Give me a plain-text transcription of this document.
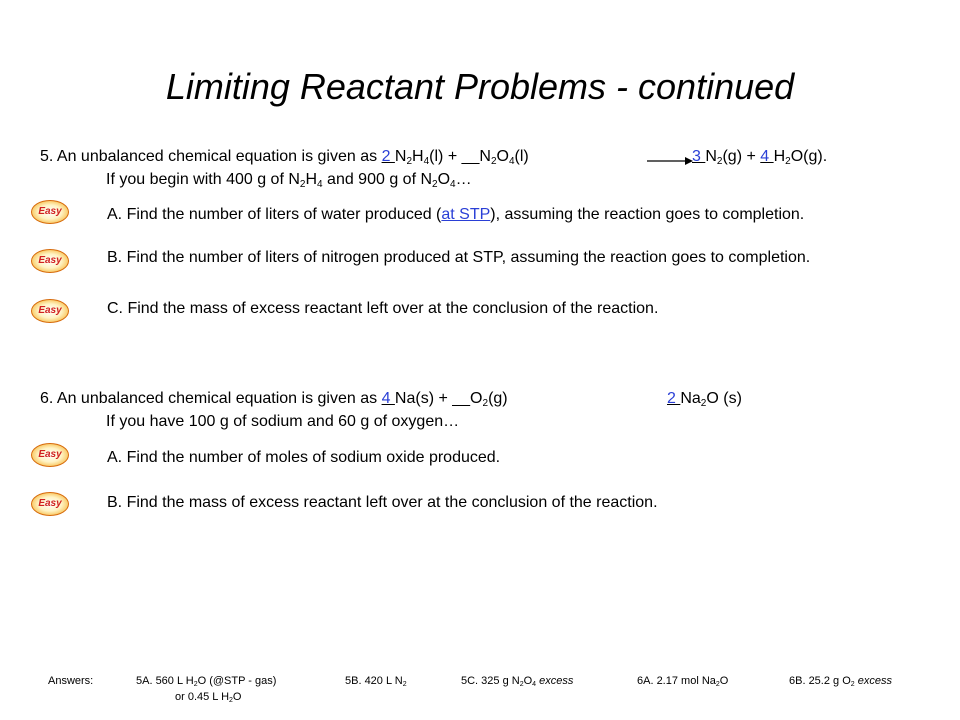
Limiting Reactant Problems - continued
5. An unbalanced chemical equation is given as 2 $N_2H_4(l)$ + $\_\_N_2O_4(l)$	→ 3 $N_2(g) + 4$ $H_2O(g)$.
If you begin with 400 g of $N_2H_4$ and 900 g of $N_2O_4\dots$
Easy	A. Find the number of liters of water produced (at STP), assuming the reaction goes to completion.
Easy	B. Find the number of liters of nitrogen produced at STP, assuming the reaction goes to completion.
Easy	C. Find the mass of excess reactant left over at the conclusion of the reaction.
6. An unbalanced chemical equation is given as 4 $Na(s) + \_\_O_2(g)$	2 $Na_2O$ (s)
If you have 100 g of sodium and 60 g of oxygen…
Easy	A. Find the number of moles of sodium oxide produced.
Easy	B. Find the mass of excess reactant left over at the conclusion of the reaction.
Answers:	5A. 560 L $H_2O$ (@STP - gas)
or 0.45 L $H_2O$
5B. 420 L $N_2$	5C. 325 g $N_2O_4$ excess	6A. 2.17 mol $Na_2O$	6B. 25.2 g $O_2$ excess
